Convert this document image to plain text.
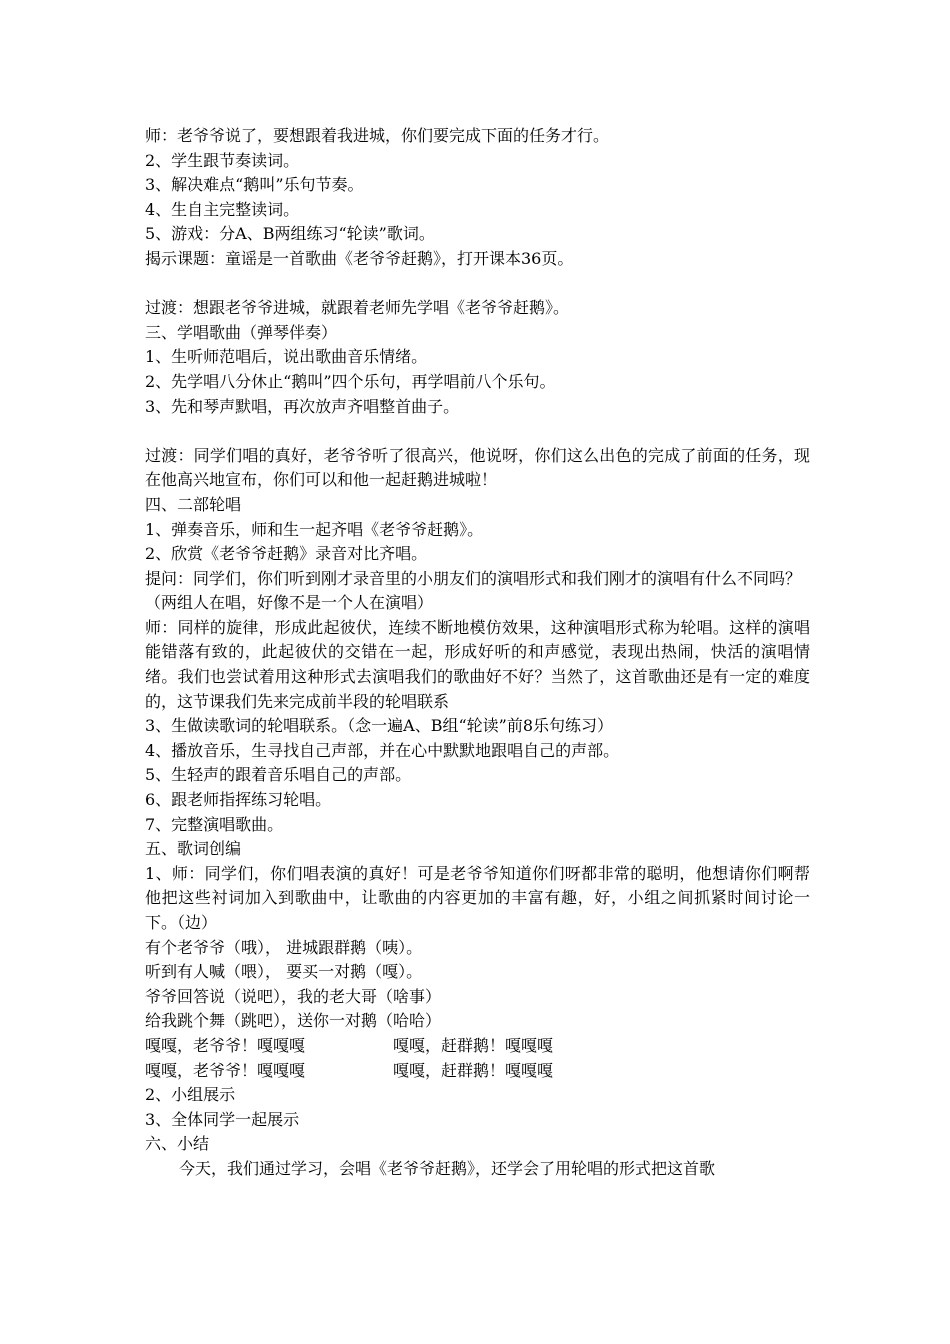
师：老爷爷说了，要想跟着我进城，你们要完成下面的任务才行。
2、学生跟节奏读词。
3、解决难点“鹅叫”乐句节奏。
4、生自主完整读词。
5、游戏：分A、B两组练习“轮读”歌词。
揭示课题：童谣是一首歌曲《老爷爷赶鹅》，打开课本36页。
过渡：想跟老爷爷进城，就跟着老师先学唱《老爷爷赶鹅》。
三、学唱歌曲（弹琴伴奏）
1、生听师范唱后，说出歌曲音乐情绪。
2、先学唱八分休止“鹅叫”四个乐句，再学唱前八个乐句。
3、先和琴声默唱，再次放声齐唱整首曲子。
过渡：同学们唱的真好，老爷爷听了很高兴，他说呀，你们这么出色的完成了前面的任务，现在他高兴地宣布，你们可以和他一起赶鹅进城啦！
四、二部轮唱
1、弹奏音乐，师和生一起齐唱《老爷爷赶鹅》。
2、欣赏《老爷爷赶鹅》录音对比齐唱。
提问：同学们，你们听到刚才录音里的小朋友们的演唱形式和我们刚才的演唱有什么不同吗？
（两组人在唱，好像不是一个人在演唱）
师：同样的旋律，形成此起彼伏，连续不断地模仿效果，这种演唱形式称为轮唱。这样的演唱能错落有致的，此起彼伏的交错在一起，形成好听的和声感觉，表现出热闹，快活的演唱情绪。我们也尝试着用这种形式去演唱我们的歌曲好不好？当然了，这首歌曲还是有一定的难度的，这节课我们先来完成前半段的轮唱联系
3、生做读歌词的轮唱联系。（念一遍A、B组“轮读”前8乐句练习）
4、播放音乐，生寻找自己声部，并在心中默默地跟唱自己的声部。
5、生轻声的跟着音乐唱自己的声部。
6、跟老师指挥练习轮唱。
7、完整演唱歌曲。
五、歌词创编
1、师：同学们，你们唱表演的真好！可是老爷爷知道你们呀都非常的聪明，他想请你们啊帮他把这些衬词加入到歌曲中，让歌曲的内容更加的丰富有趣，好，小组之间抓紧时间讨论一下。（边）
有个老爷爷（哦）， 进城跟群鹅（咦）。
听到有人喊（喂）， 要买一对鹅（嘎）。
爷爷回答说（说吧），我的老大哥（啥事）
给我跳个舞（跳吧），送你一对鹅（哈哈）
嘎嘎，老爷爷！嘎嘎嘎	嘎嘎，赶群鹅！嘎嘎嘎
嘎嘎，老爷爷！嘎嘎嘎	嘎嘎，赶群鹅！嘎嘎嘎
2、小组展示
3、全体同学一起展示
六、小结
今天，我们通过学习，会唱《老爷爷赶鹅》，还学会了用轮唱的形式把这首歌
